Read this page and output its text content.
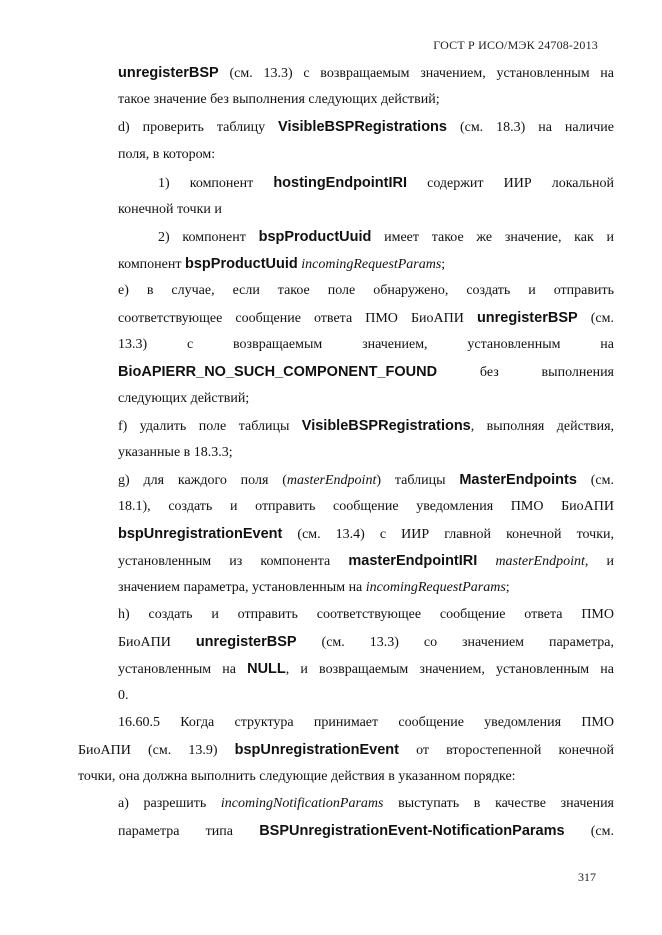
ГОСТ Р ИСО/МЭК 24708-2013
unregisterBSP (см. 13.3) с возвращаемым значением, установленным на
такое значение без выполнения следующих действий;
d) проверить таблицу VisibleBSPRegistrations (см. 18.3) на наличие
поля, в котором:
1) компонент hostingEndpointIRI содержит ИИР локальной
конечной точки и
2) компонент bspProductUuid имеет такое же значение, как и
компонент bspProductUuid incomingRequestParams;
e) в случае, если такое поле обнаружено, создать и отправить
соответствующее сообщение ответа ПМО БиоАПИ unregisterBSP (см.
13.3) с возвращаемым значением, установленным на
BioAPIERR_NO_SUCH_COMPONENT_FOUND без выполнения
следующих действий;
f) удалить поле таблицы VisibleBSPRegistrations, выполняя действия,
указанные в 18.3.3;
g) для каждого поля (masterEndpoint) таблицы MasterEndpoints (см.
18.1), создать и отправить сообщение уведомления ПМО БиоАПИ
bspUnregistrationEvent (см. 13.4) с ИИР главной конечной точки,
установленным из компонента masterEndpointIRI masterEndpoint, и
значением параметра, установленным на incomingRequestParams;
h) создать и отправить соответствующее сообщение ответа ПМО
БиоАПИ unregisterBSP (см. 13.3) со значением параметра,
установленным на NULL, и возвращаемым значением, установленным на
0.
16.60.5 Когда структура принимает сообщение уведомления ПМО
БиоАПИ (см. 13.9) bspUnregistrationEvent от второстепенной конечной
точки, она должна выполнить следующие действия в указанном порядке:
a) разрешить incomingNotificationParams выступать в качестве значения
параметра типа BSPUnregistrationEvent-NotificationParams (см.
317
